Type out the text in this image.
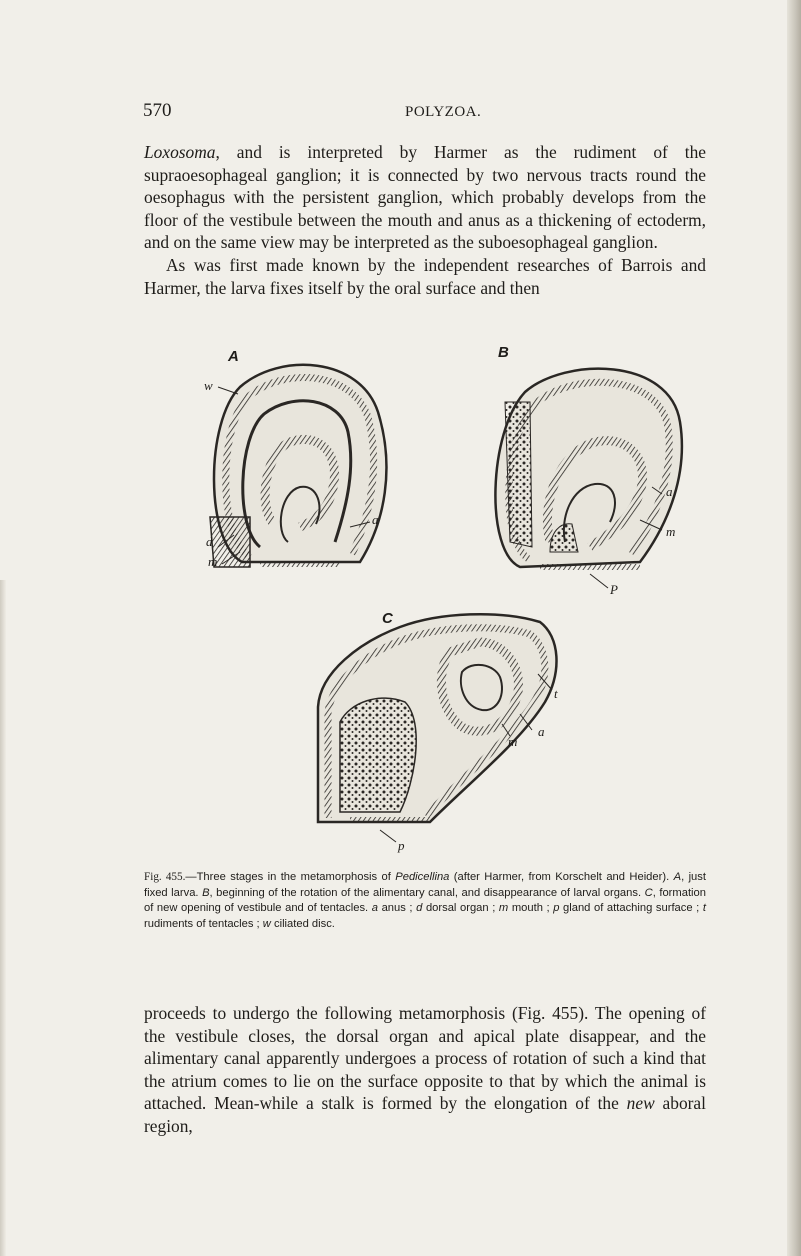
570	POLYZOA.

Loxosoma, and is interpreted by Harmer as the rudiment of the supraoesophageal ganglion; it is connected by two nervous tracts round the oesophagus with the persistent ganglion, which probably develops from the floor of the vestibule between the mouth and anus as a thickening of ectoderm, and on the same view may be interpreted as the suboesophageal ganglion.

As was first made known by the independent researches of Barrois and Harmer, the larva fixes itself by the oral surface and then

A	B
C
w
a
d
m
a
m
P
t
a
m
p

Fig. 455.—Three stages in the metamorphosis of Pedicellina (after Harmer, from Korschelt and Heider). A, just fixed larva. B, beginning of the rotation of the alimentary canal, and disappearance of larval organs. C, formation of new opening of vestibule and of tentacles. a anus ; d dorsal organ ; m mouth ; p gland of attaching surface ; t rudiments of tentacles ; w ciliated disc.

proceeds to undergo the following metamorphosis (Fig. 455). The opening of the vestibule closes, the dorsal organ and apical plate disappear, and the alimentary canal apparently undergoes a process of rotation of such a kind that the atrium comes to lie on the surface opposite to that by which the animal is attached. Mean-while a stalk is formed by the elongation of the new aboral region,
